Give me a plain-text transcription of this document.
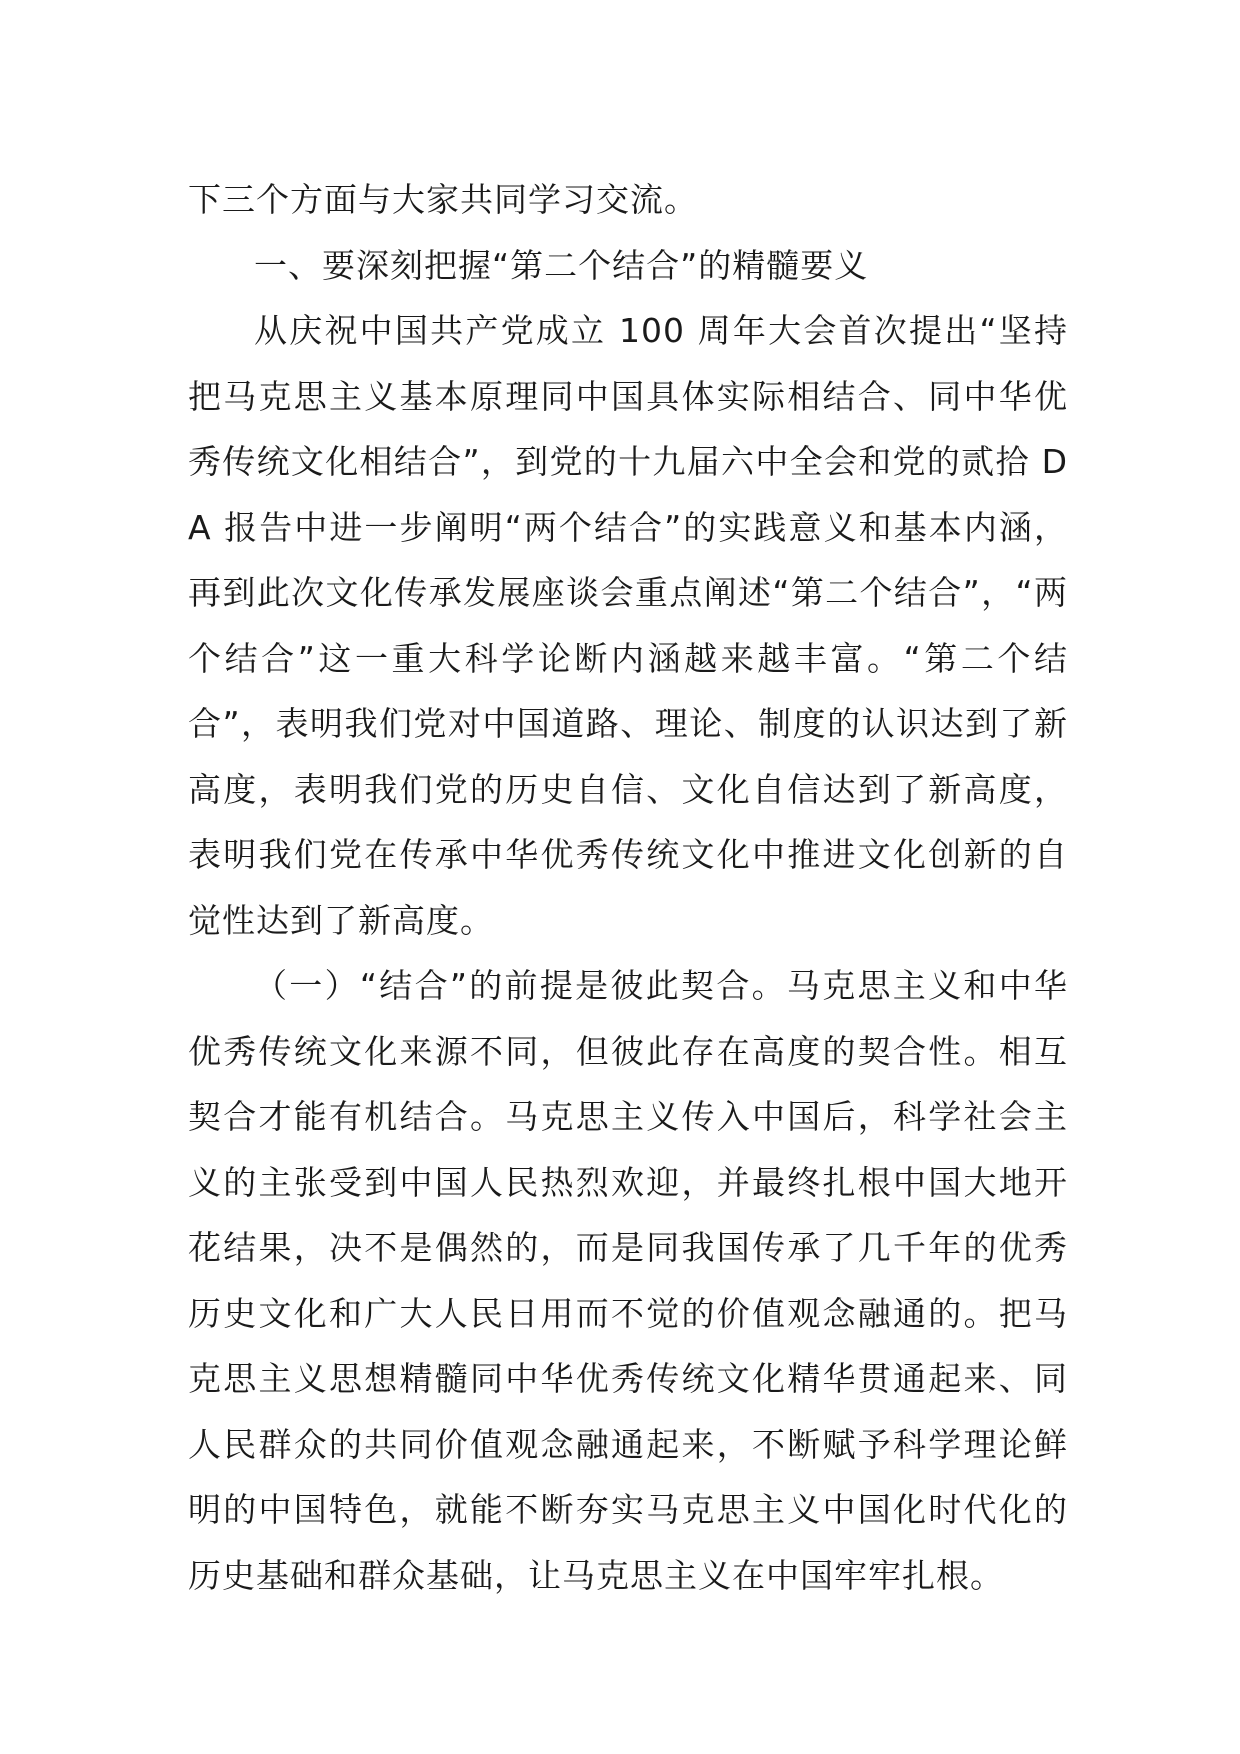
下三个方面与大家共同学习交流。

一、要深刻把握“第二个结合”的精髓要义

从庆祝中国共产党成立 100 周年大会首次提出“坚持把马克思主义基本原理同中国具体实际相结合、同中华优秀传统文化相结合”，到党的十九届六中全会和党的贰拾 DA 报告中进一步阐明“两个结合”的实践意义和基本内涵，再到此次文化传承发展座谈会重点阐述“第二个结合”，“两个结合”这一重大科学论断内涵越来越丰富。“第二个结合”，表明我们党对中国道路、理论、制度的认识达到了新高度，表明我们党的历史自信、文化自信达到了新高度，表明我们党在传承中华优秀传统文化中推进文化创新的自觉性达到了新高度。

（一）“结合”的前提是彼此契合。马克思主义和中华优秀传统文化来源不同，但彼此存在高度的契合性。相互契合才能有机结合。马克思主义传入中国后，科学社会主义的主张受到中国人民热烈欢迎，并最终扎根中国大地开花结果，决不是偶然的，而是同我国传承了几千年的优秀历史文化和广大人民日用而不觉的价值观念融通的。把马克思主义思想精髓同中华优秀传统文化精华贯通起来、同人民群众的共同价值观念融通起来，不断赋予科学理论鲜明的中国特色，就能不断夯实马克思主义中国化时代化的历史基础和群众基础，让马克思主义在中国牢牢扎根。
